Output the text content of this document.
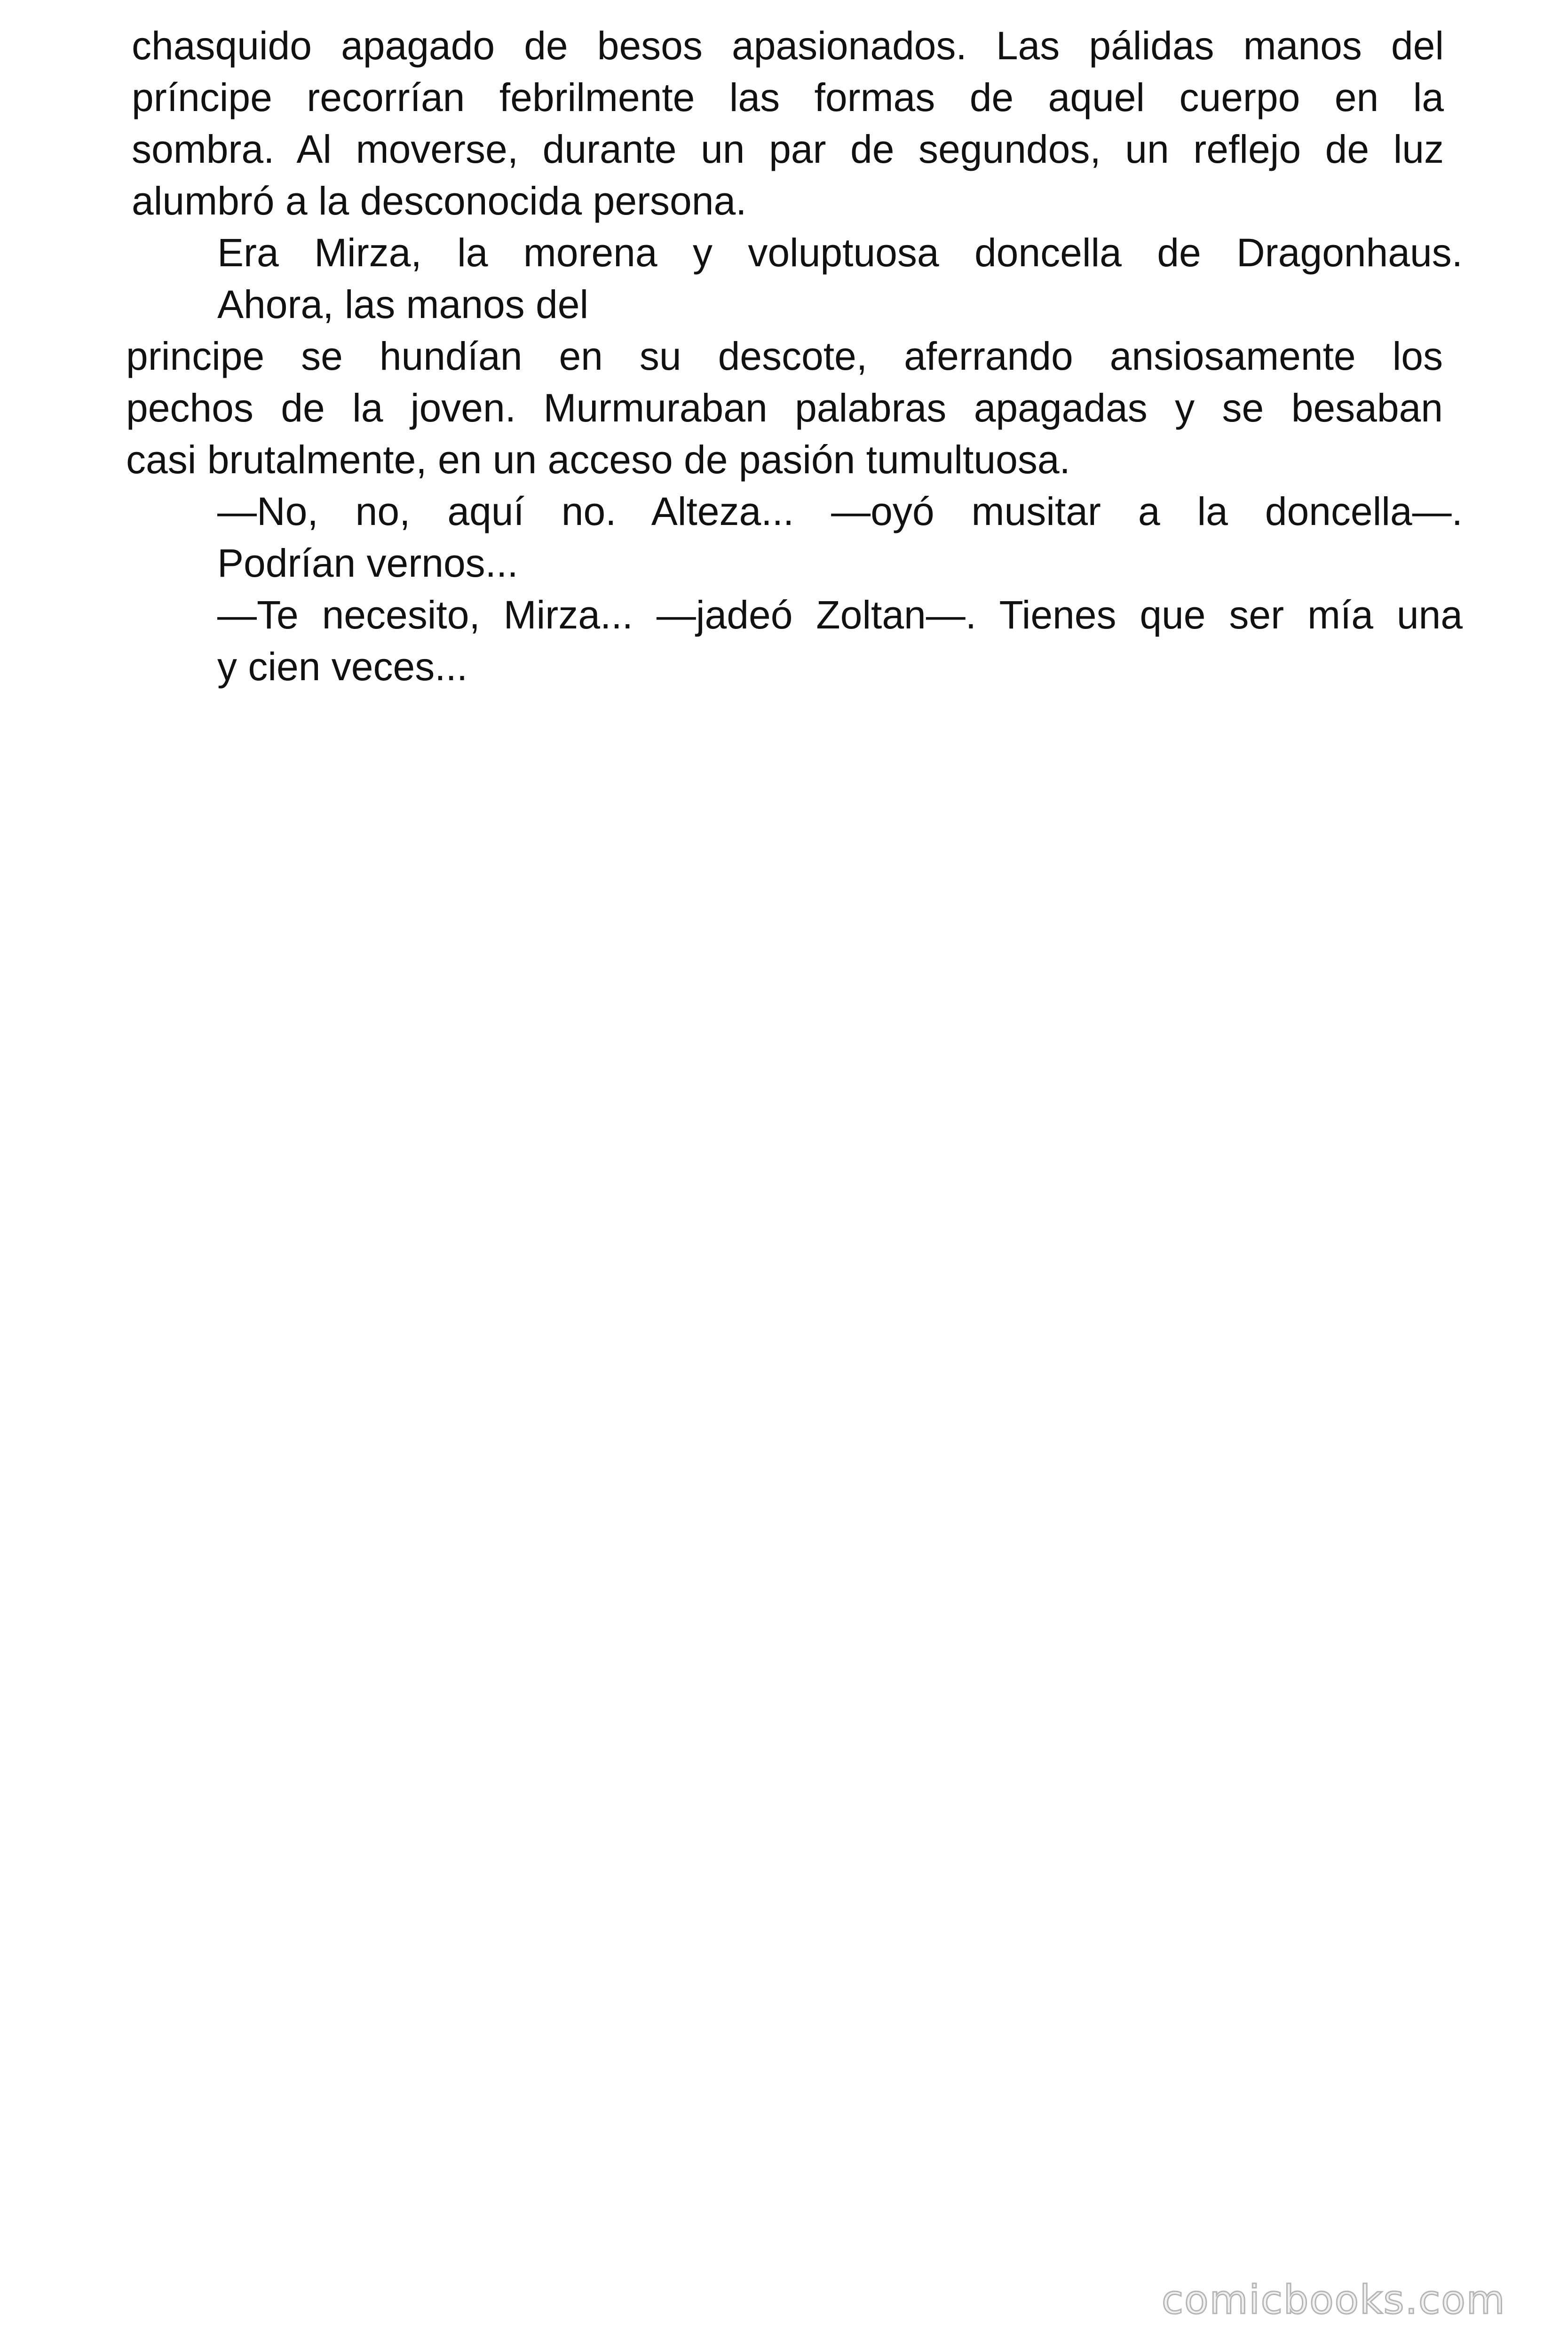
chasquido apagado de besos apasionados. Las pálidas manos del

príncipe recorrían febrilmente las formas de aquel cuerpo en la

sombra. Al moverse, durante un par de segundos, un reflejo de luz

alumbró a la desconocida persona.

Era Mirza, la morena y voluptuosa doncella de Dragonhaus.

Ahora, las manos del

principe se hundían en su descote, aferrando ansiosamente los

pechos de la joven. Murmuraban palabras apagadas y se besaban

casi brutalmente, en un acceso de pasión tumultuosa.

—No, no, aquí no. Alteza... —oyó musitar a la doncella—.

Podrían vernos...

—Te necesito, Mirza... —jadeó Zoltan—. Tienes que ser mía una

y cien veces...

comicbooks.com
